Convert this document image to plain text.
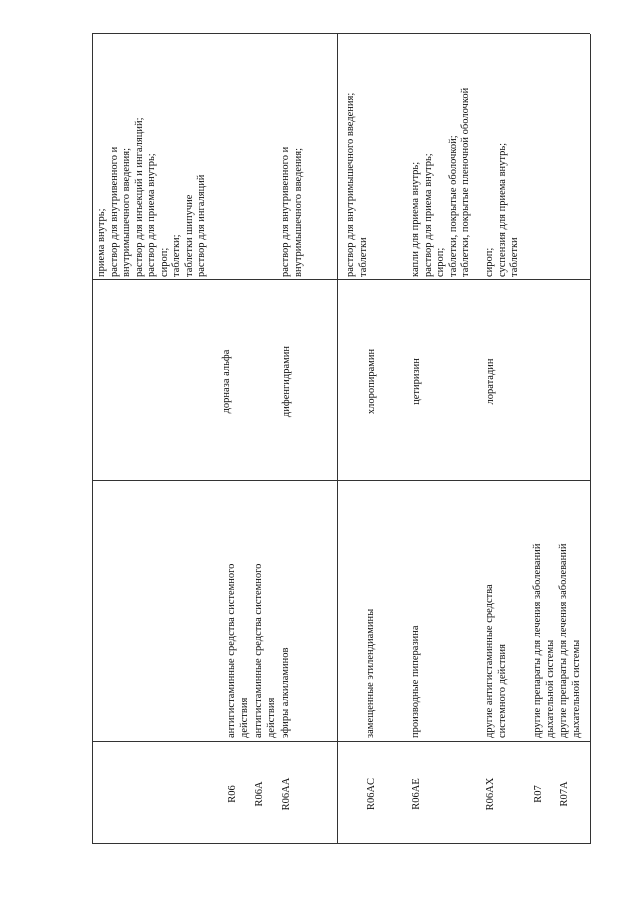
дорназа альфа
приема внутрь; раствор для внутривенного и внутримышечного введения; раствор для инъекций и ингаляций; раствор для приема внутрь; сироп; таблетки; таблетки шипучие раствор для ингаляций
R06
антигистаминные средства системного действия
R06A
антигистаминные средства системного действия
R06AA
эфиры алкиламинов
дифенгидрамин
раствор для внутривенного и внутримышечного введения;
R06AC
замещенные этилендиамины
хлоропирамин
раствор для внутримышечного введения; таблетки
R06AE
производные пиперазина
цетиризин
капли для приема внутрь; раствор для приема внутрь; сироп; таблетки, покрытые оболочкой; таблетки, покрытые пленочной оболочкой
R06AX
другие антигистаминные средства системного действия
лоратадин
сироп; суспензия для приема внутрь; таблетки
R07
другие препараты для лечения заболеваний дыхательной системы
R07A
другие препараты для лечения заболеваний дыхательной системы
